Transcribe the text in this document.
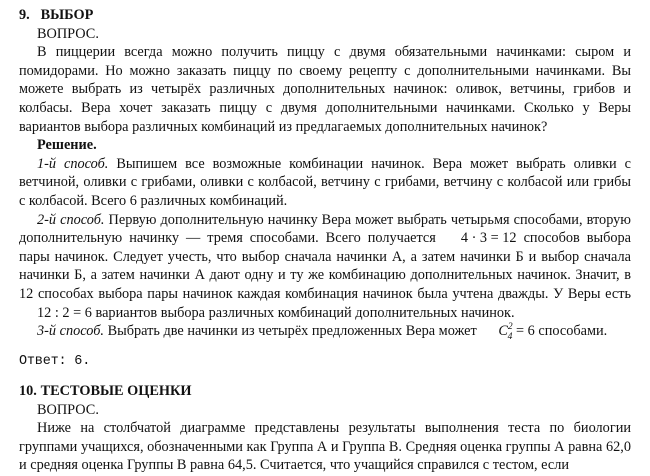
9. ВЫБОР
ВОПРОС.

В пиццерии всегда можно получить пиццу с двумя обязательными начинками: сыром и помидорами. Но можно заказать пиццу по своему рецепту с дополнительными начинками. Вы можете выбрать из четырёх различных дополнительных начинок: оливок, ветчины, грибов и колбасы. Вера хочет заказать пиццу с двумя дополнительными начинками. Сколько у Веры вариантов выбора различных комбинаций из предлагаемых дополнительных начинок?

Решение.

1-й способ. Выпишем все возможные комбинации начинок. Вера может выбрать оливки с ветчиной, оливки с грибами, оливки с колбасой, ветчину с грибами, ветчину с колбасой или грибы с колбасой. Всего 6 различных комбинаций.

2-й способ. Первую дополнительную начинку Вера может выбрать четырьмя способами, вторую дополнительную начинку — тремя способами. Всего получается 4 · 3 = 12 способов выбора пары начинок. Следует учесть, что выбор сначала начинки А, а затем начинки Б и выбор сначала начинки Б, а затем начинки А дают одну и ту же комбинацию дополнительных начинок. Значит, в 12 способах выбора пары начинок каждая комбинация начинок была учтена дважды. У Веры есть 12 : 2 = 6 вариантов выбора различных комбинаций дополнительных начинок.

3-й способ. Выбрать две начинки из четырёх предложенных Вера может $C^2_4 = 6$ способами.

Ответ: 6.
10. ТЕСТОВЫЕ ОЦЕНКИ
ВОПРОС.

Ниже на столбчатой диаграмме представлены результаты выполнения теста по биологии группами учащихся, обозначенными как Группа А и Группа В. Средняя оценка группы А равна 62,0 и средняя оценка Группы В равна 64,5. Считается, что учащийся справился с тестом, если
